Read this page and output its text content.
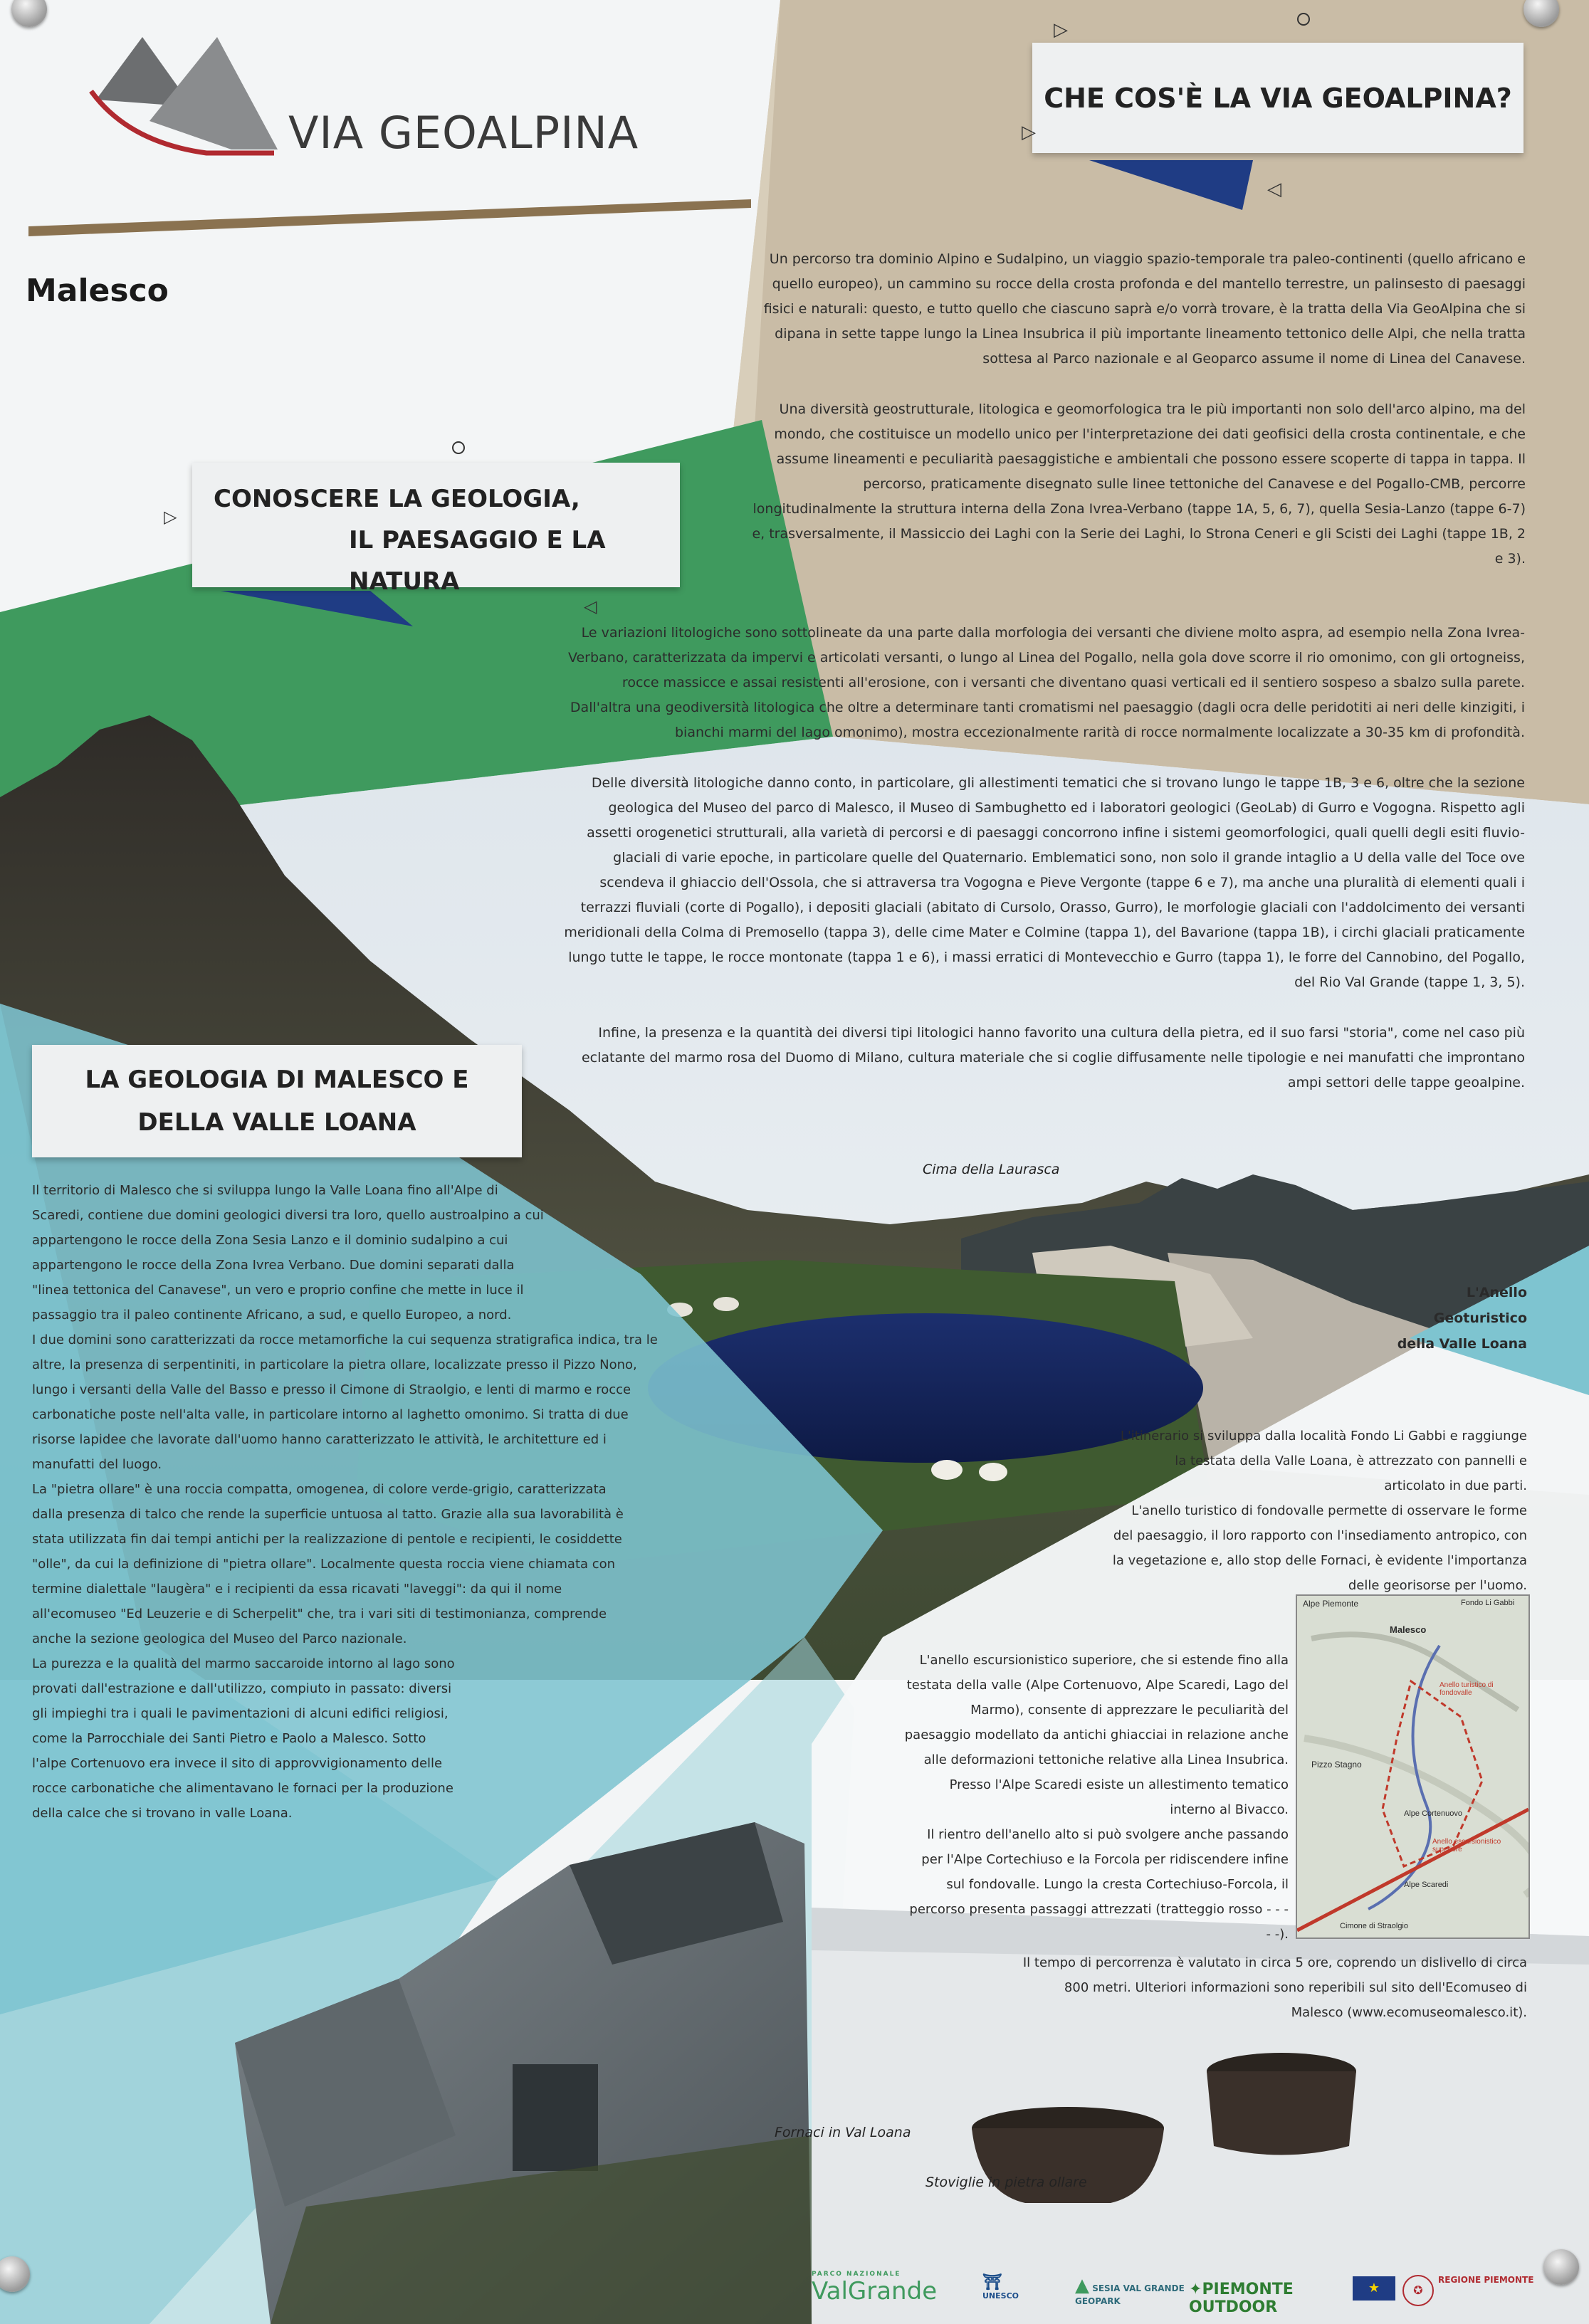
VIA GEOALPINA
Malesco
CHE COS'È LA VIA GEOALPINA?
▷
▷
◁

Un percorso tra dominio Alpino e Sudalpino, un viaggio spazio-temporale tra paleo-continenti (quello africano e quello europeo), un cammino su rocce della crosta profonda e del mantello terrestre, un palinsesto di paesaggi fisici e naturali: questo, e tutto quello che ciascuno saprà e/o vorrà trovare, è la tratta della Via GeoAlpina che si dipana in sette tappe lungo la Linea Insubrica il più importante lineamento tettonico delle Alpi, che nella tratta sottesa al Parco nazionale e al Geoparco assume il nome di Linea del Canavese.

Una diversità geostrutturale, litologica e geomorfologica tra le più importanti non solo dell'arco alpino, ma del mondo, che costituisce un modello unico per l'interpretazione dei dati geofisici della crosta continentale, e che assume lineamenti e peculiarità paesaggistiche e ambientali che possono essere scoperte di tappa in tappa. Il percorso, praticamente disegnato sulle linee tettoniche del Canavese e del Pogallo-CMB, percorre longitudinalmente la struttura interna della Zona Ivrea-Verbano (tappe 1A, 5, 6, 7), quella Sesia-Lanzo (tappe 6-7) e, trasversalmente, il Massiccio dei Laghi con la Serie dei Laghi, lo Strona Ceneri e gli Scisti dei Laghi (tappe 1B, 2 e 3).

CONOSCERE LA GEOLOGIA,
IL PAESAGGIO E LA NATURA
▷
◁

Le variazioni litologiche sono sottolineate da una parte dalla morfologia dei versanti che diviene molto aspra, ad esempio nella Zona Ivrea-Verbano, caratterizzata da impervi e articolati versanti, o lungo al Linea del Pogallo, nella gola dove scorre il rio omonimo, con gli ortogneiss, rocce massicce e assai resistenti all'erosione, con i versanti che diventano quasi verticali ed il sentiero sospeso a sbalzo sulla parete. Dall'altra una geodiversità litologica che oltre a determinare tanti cromatismi nel paesaggio (dagli ocra delle peridotiti ai neri delle kinzigiti, i bianchi marmi del lago omonimo), mostra eccezionalmente rarità di rocce normalmente localizzate a 30-35 km di profondità.

Delle diversità litologiche danno conto, in particolare, gli allestimenti tematici che si trovano lungo le tappe 1B, 3 e 6, oltre che la sezione geologica del Museo del parco di Malesco, il Museo di Sambughetto ed i laboratori geologici (GeoLab) di Gurro e Vogogna. Rispetto agli assetti orogenetici strutturali, alla varietà di percorsi e di paesaggi concorrono infine i sistemi geomorfologici, quali quelli degli esiti fluvio-glaciali di varie epoche, in particolare quelle del Quaternario. Emblematici sono, non solo il grande intaglio a U della valle del Toce ove scendeva il ghiaccio dell'Ossola, che si attraversa tra Vogogna e Pieve Vergonte (tappe 6 e 7), ma anche una pluralità di elementi quali i terrazzi fluviali (corte di Pogallo), i depositi glaciali (abitato di Cursolo, Orasso, Gurro), le morfologie glaciali con l'addolcimento dei versanti meridionali della Colma di Premosello (tappa 3), delle cime Mater e Colmine (tappa 1), del Bavarione (tappa 1B), i circhi glaciali praticamente lungo tutte le tappe, le rocce montonate (tappa 1 e 6), i massi erratici di Montevecchio e Gurro (tappa 1), le forre del Cannobino, del Pogallo, del Rio Val Grande (tappe 1, 3, 5).

Infine, la presenza e la quantità dei diversi tipi litologici hanno favorito una cultura della pietra, ed il suo farsi "storia", come nel caso più eclatante del marmo rosa del Duomo di Milano, cultura materiale che si coglie diffusamente nelle tipologie e nei manufatti che improntano ampi settori delle tappe geoalpine.

Cima della Laurasca
LA GEOLOGIA DI MALESCO E
DELLA VALLE LOANA
Il territorio di Malesco che si sviluppa lungo la Valle Loana fino all'Alpe di Scaredi, contiene due domini geologici diversi tra loro, quello austroalpino a cui appartengono le rocce della Zona Sesia Lanzo e il dominio sudalpino a cui appartengono le rocce della Zona Ivrea Verbano. Due domini separati dalla "linea tettonica del Canavese", un vero e proprio confine che mette in luce il passaggio tra il paleo continente Africano, a sud, e quello Europeo, a nord.
I due domini sono caratterizzati da rocce metamorfiche la cui sequenza stratigrafica indica, tra le altre, la presenza di serpentiniti, in particolare la pietra ollare, localizzate presso il Pizzo Nono, lungo i versanti della Valle del Basso e presso il Cimone di Straolgio, e lenti di marmo e rocce carbonatiche poste nell'alta valle, in particolare intorno al laghetto omonimo. Si tratta di due risorse lapidee che lavorate dall'uomo hanno caratterizzato le attività, le architetture ed i manufatti del luogo.
La "pietra ollare" è una roccia compatta, omogenea, di colore verde-grigio, caratterizzata dalla presenza di talco che rende la superficie untuosa al tatto. Grazie alla sua lavorabilità è stata utilizzata fin dai tempi antichi per la realizzazione di pentole e recipienti, le cosiddette "olle", da cui la definizione di "pietra ollare". Localmente questa roccia viene chiamata con termine dialettale "laugèra" e i recipienti da essa ricavati "laveggi": da qui il nome all'ecomuseo "Ed Leuzerie e di Scherpelit" che, tra i vari siti di testimonianza, comprende anche la sezione geologica del Museo del Parco nazionale.
La purezza e la qualità del marmo saccaroide intorno al lago sono provati dall'estrazione e dall'utilizzo, compiuto in passato: diversi gli impieghi tra i quali le pavimentazioni di alcuni edifici religiosi, come la Parrocchiale dei Santi Pietro e Paolo a Malesco. Sotto l'alpe Cortenuovo era invece il sito di approvvigionamento delle rocce carbonatiche che alimentavano le fornaci per la produzione della calce che si trovano in valle Loana.
L'Anello
Geoturistico
della Valle Loana
L'itinerario si sviluppa dalla località Fondo Li Gabbi e raggiunge la testata della Valle Loana, è attrezzato con pannelli e articolato in due parti.
L'anello turistico di fondovalle permette di osservare le forme del paesaggio, il loro rapporto con l'insediamento antropico, con la vegetazione e, allo stop delle Fornaci, è evidente l'importanza delle georisorse per l'uomo.
Alpe Piemonte
Malesco
Pizzo Stagno
Fondo Li Gabbi
Cimone di Straolgio
Alpe Scaredi
Alpe Cortenuovo
Anello turistico di fondovalle
Anello escursionistico superiore
L'anello escursionistico superiore, che si estende fino alla testata della valle (Alpe Cortenuovo, Alpe Scaredi, Lago del Marmo), consente di apprezzare le peculiarità del paesaggio modellato da antichi ghiacciai in relazione anche alle deformazioni tettoniche relative alla Linea Insubrica. Presso l'Alpe Scaredi esiste un allestimento tematico interno al Bivacco.
Il rientro dell'anello alto si può svolgere anche passando per l'Alpe Cortechiuso e la Forcola per ridiscendere infine sul fondovalle. Lungo la cresta Cortechiuso-Forcola, il percorso presenta passaggi attrezzati (tratteggio rosso - - - - -).
Il tempo di percorrenza è valutato in circa 5 ore, coprendo un dislivello di circa 800 metri. Ulteriori informazioni sono reperibili sul sito dell'Ecomuseo di Malesco (www.ecomuseomalesco.it).
Fornaci in Val Loana
Stoviglie in pietra ollare
PARCO NAZIONALE
ValGrande	⛩
UNESCO	▲ SESIA VAL GRANDE GEOPARK
✦PIEMONTE OUTDOOR
★	✪
REGIONE PIEMONTE
